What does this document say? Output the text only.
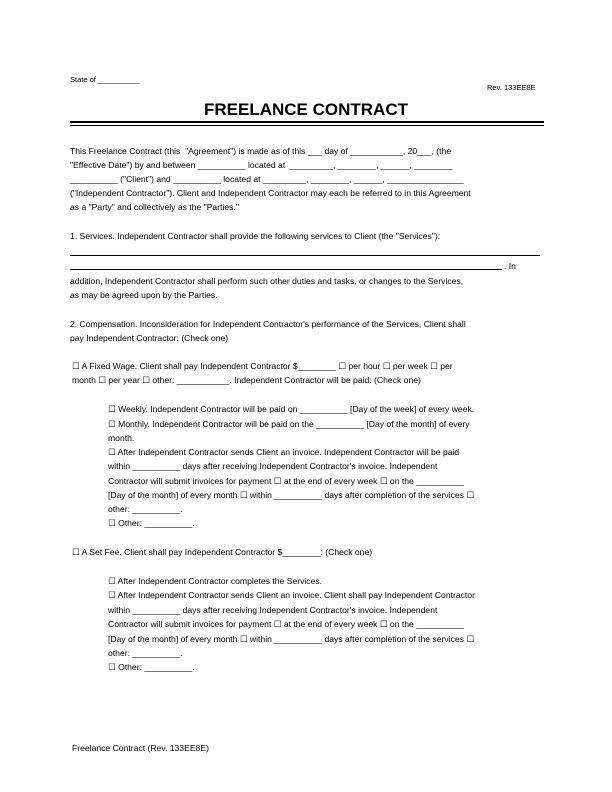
State of __________
Rev. 133EE8E
FREELANCE CONTRACT
This Freelance Contract (this  "Agreement") is made as of this ___ day of ___________, 20___, (the
"Effective Date") by and between __________ located at  _________, ________, ______, ________
__________ ("Client") and __________ located at _________, ________, ______, ________________
("Independent Contractor"). Client and Independent Contractor may each be referred to in this Agreement
as a "Party" and collectively as the "Parties."
1. Services. Independent Contractor shall provide the following services to Client (the "Services"):
. In
addition, Independent Contractor shall perform such other duties and tasks, or changes to the Services,
as may be agreed upon by the Parties.
2. Compensation. Inconsideration for Independent Contractor's performance of the Services, Client shall
pay Independent Contractor: (Check one)
☐ A Fixed Wage. Client shall pay Independent Contractor $________ ☐ per hour ☐ per week ☐ per
month ☐ per year ☐ other: ___________. Independent Contractor will be paid: (Check one)
☐ Weekly. Independent Contractor will be paid on __________ [Day of the week] of every week.
☐ Monthly. Independent Contractor will be paid on the __________ [Day of the month] of every
month.
☐ After Independent Contractor sends Client an invoice. Independent Contractor will be paid
within __________ days after receiving Independent Contractor's invoice. Independent
Contractor will submit invoices for payment ☐ at the end of every week ☐ on the __________
[Day of the month] of every month ☐ within __________ days after completion of the services ☐
other: __________.
☐ Other: __________.
☐ A Set Fee. Client shall pay Independent Contractor $________: (Check one)
☐ After Independent Contractor completes the Services.
☐ After Independent Contractor sends Client an invoice. Client shall pay Independent Contractor
within __________ days after receiving Independent Contractor's invoice. Independent
Contractor will submit invoices for payment ☐ at the end of every week ☐ on the __________
[Day of the month] of every month ☐ within __________ days after completion of the services ☐
other: __________.
☐ Other: __________.
Freelance Contract (Rev. 133EE8E)
